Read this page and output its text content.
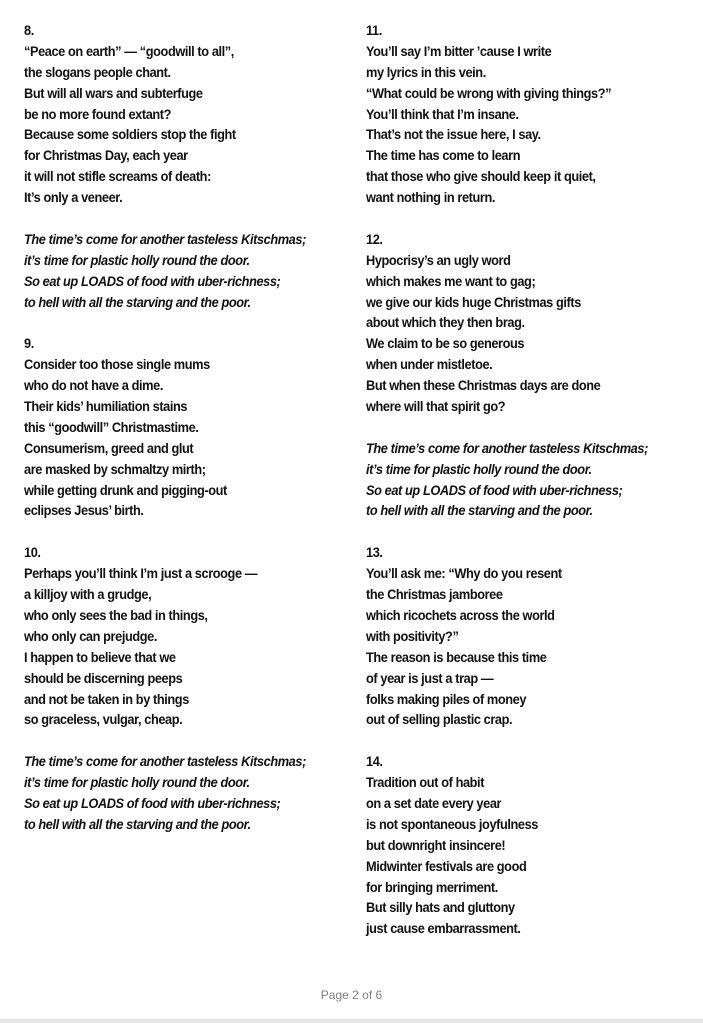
8.
“Peace on earth” — “goodwill to all”,
the slogans people chant.
But will all wars and subterfuge
be no more found extant?
Because some soldiers stop the fight
for Christmas Day, each year
it will not stifle screams of death:
It’s only a veneer.
The time’s come for another tasteless Kitschmas;
it’s time for plastic holly round the door.
So eat up LOADS of food with uber-richness;
to hell with all the starving and the poor.
9.
Consider too those single mums
who do not have a dime.
Their kids’ humiliation stains
this “goodwill” Christmastime.
Consumerism, greed and glut
are masked by schmaltzy mirth;
while getting drunk and pigging-out
eclipses Jesus’ birth.
10.
Perhaps you’ll think I’m just a scrooge —
a killjoy with a grudge,
who only sees the bad in things,
who only can prejudge.
I happen to believe that we
should be discerning peeps
and not be taken in by things
so graceless, vulgar, cheap.
The time’s come for another tasteless Kitschmas;
it’s time for plastic holly round the door.
So eat up LOADS of food with uber-richness;
to hell with all the starving and the poor.
11.
You’ll say I’m bitter ’cause I write
my lyrics in this vein.
“What could be wrong with giving things?”
You’ll think that I’m insane.
That’s not the issue here, I say.
The time has come to learn
that those who give should keep it quiet,
want nothing in return.
12.
Hypocrisy’s an ugly word
which makes me want to gag;
we give our kids huge Christmas gifts
about which they then brag.
We claim to be so generous
when under mistletoe.
But when these Christmas days are done
where will that spirit go?
The time’s come for another tasteless Kitschmas;
it’s time for plastic holly round the door.
So eat up LOADS of food with uber-richness;
to hell with all the starving and the poor.
13.
You’ll ask me: “Why do you resent
the Christmas jamboree
which ricochets across the world
with positivity?”
The reason is because this time
of year is just a trap —
folks making piles of money
out of selling plastic crap.
14.
Tradition out of habit
on a set date every year
is not spontaneous joyfulness
but downright insincere!
Midwinter festivals are good
for bringing merriment.
But silly hats and gluttony
just cause embarrassment.
Page 2 of 6
